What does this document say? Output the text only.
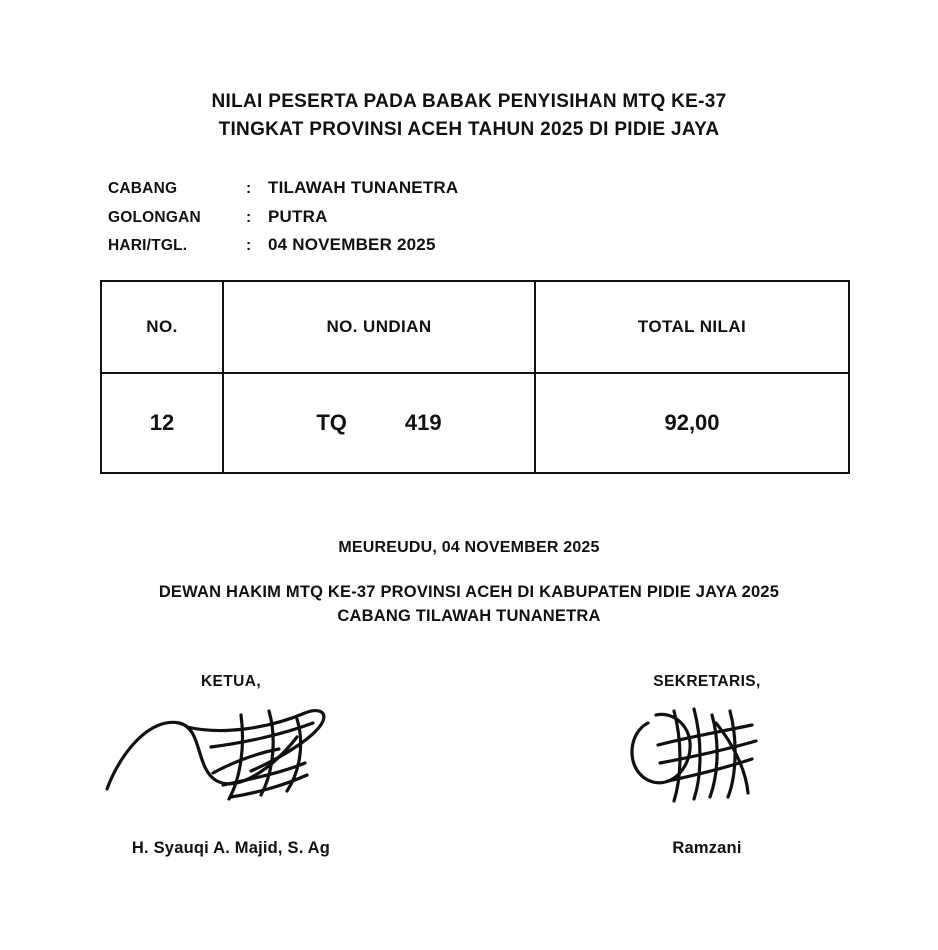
NILAI PESERTA PADA BABAK PENYISIHAN MTQ KE-37
TINGKAT PROVINSI ACEH TAHUN 2025 DI PIDIE JAYA
CABANG	: TILAWAH TUNANETRA
GOLONGAN	: PUTRA
HARI/TGL.	: 04 NOVEMBER 2025
NO.	NO. UNDIAN	TOTAL NILAI
12	TQ 419	92,00
MEUREUDU, 04 NOVEMBER 2025
DEWAN HAKIM MTQ KE-37 PROVINSI ACEH DI KABUPATEN PIDIE JAYA 2025
CABANG TILAWAH TUNANETRA
KETUA,
H. Syauqi A. Majid, S. Ag
SEKRETARIS,
Ramzani
